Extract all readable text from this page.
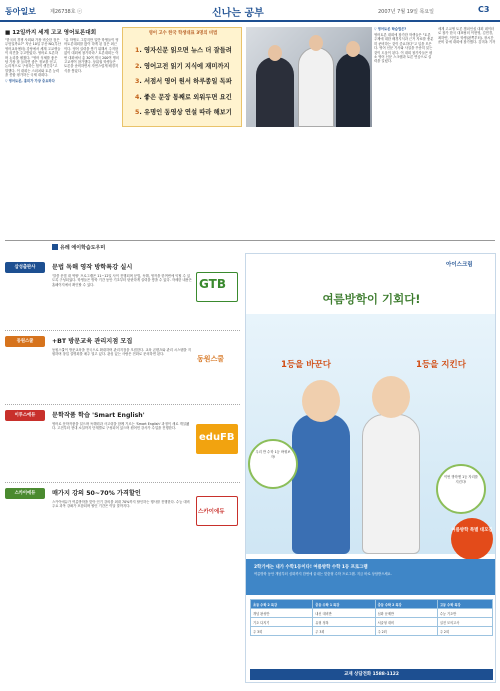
동아일보	제26738호 ⓒ	신나는 공부	2007년 7월 19일 목요일	C3
■ 12일까지 세계 고교 영어토론대회

"한국의 경쟁 사회와 가장 비슷한 점은 무엇일까요?" 지난 10일 부산 NC(부산 영어교육센터) 강당에서 세계 고교생들이 의견을 주고받았다. 영어로 토론하며 논리를 펼쳤다. "영어 식체를 좋은 답 가장 잘 들리면 좋은 정보를 얻고, 논리적으로 구성하는 힘이 생긴다"고 말했다. 이 대회는 스피치와 토론 능력을 종합 평가하는 국제 대회다.

▽ 영어토론, 흥미가 가장 중요하다

"유 학생도 그렇지만 일반 학생들이 영어토론대회를 많이 하게 된 것은 최근이다. 영어 실력을 쌓기 위해서 주저함 없이 대회에 참가하라." 토론대회는 이번 대회에서 총 30여 개국 200여 명의 고교생이 참가했다. 상위권 학생들은 토론을 준비하면서 자연스럽게 배경지식을 쌓았다.

▽ 영어토론 학습법은?

영어토론 대회에 참가한 학생들은 "토론 주제에 대한 배경지식과 근거 자료를 충분히 준비하는 것이 중요하다"고 입을 모은다. 영어 신문 기사와 사설을 꾸준히 읽는 것이 도움이 된다. 이 대회 참가자들은 평소 영어 신문 스크랩과 토론 연습으로 실력을 길렀다.

영어 고수 한국 학생대표 3명의 비법
1. 영자신문 읽으면 뉴스 더 잘들려
2. 영어고전 읽기 지식에 재미까지
3. 서점서 영어 원서 하루종일 독파
4. 좋은 문장 통째로 외워두면 요긴
5. 유명인 동영상 연설 따라 해보기
세계 고교생 토론 챔피언십 대회 데이터로 참가 한국 대표팀의 이현영, 김민경, 최하얀, 이민호 학생(왼쪽부터). 장시간 준비 끝에 대회에 참가했다. 김미옥 기자
유레 에이학습도우미
삼성출판사	문법 독해 영작 방학특강 실시
'말씀 문법 대 역할' 프로그램은 11~12일 사이 진행되며 문법, 독해, 영작을 한꺼번에 익힐 수 있도록 구성되었다. 학생들은 방학 기간 동안 기초부터 탄탄하게 실력을 쌓을 수 있다. 자세한 내용은 홈페이지에서 확인할 수 있다.	GTB
동원스쿨	+BT 방문교육 관리지점 모집
동원스쿨이 방문교육을 전국으로 확대하며 관리지점을 모집한다. 교육 콘텐츠와 관리 시스템을 지원하며 창업 설명회를 매주 열고 있다. 관심 있는 사람은 전화로 문의하면 된다.
동원스쿨
이투스에듀	문학작품 학습 'Smart English'
영어로 문학작품을 읽으며 독해력과 사고력을 함께 기르는 'Smart English' 과정이 새로 개설됐다. 고전부터 현대 소설까지 단계별로 구성되어 있으며 원어민 강사가 수업을 진행한다.
eduFB
스카이에듀	매가지 강의 50~70% 가격할인
스카이에듀가 여름방학을 맞아 인기 강의를 최대 70%까지 할인하는 행사를 진행한다. 수능 대비 주요 과목 강좌가 포함되며 할인 기간은 이달 말까지다.
스카이에듀
아이스크림
여름방학이 기회다!
1등을 바꾼다	1등을 지킨다
우리 반 수학 1등 바꿔보자!
이번 방학엔 1등 자리를 지킨다!
여름방학 특별 대모집
2학기에는 내가 수학1등이다! 여름방학 수학 1등 프로그램
여름방학 동안 개념부터 심화까지 한번에 끝내는 맞춤형 수학 프로그램. 지금 바로 상담받으세요.
초등 수학 2 특강	중등 수학 1 특강	중등 수학 2 특강	고등 수학 특강
개념 완성반	내신 대비반	심화 문제반	수능 기초반
기초 다지기	유형 정복	서술형 대비	실전 모의고사
주 3회	주 3회	주 2회	주 2회
교재 상담전화 1588-1122
